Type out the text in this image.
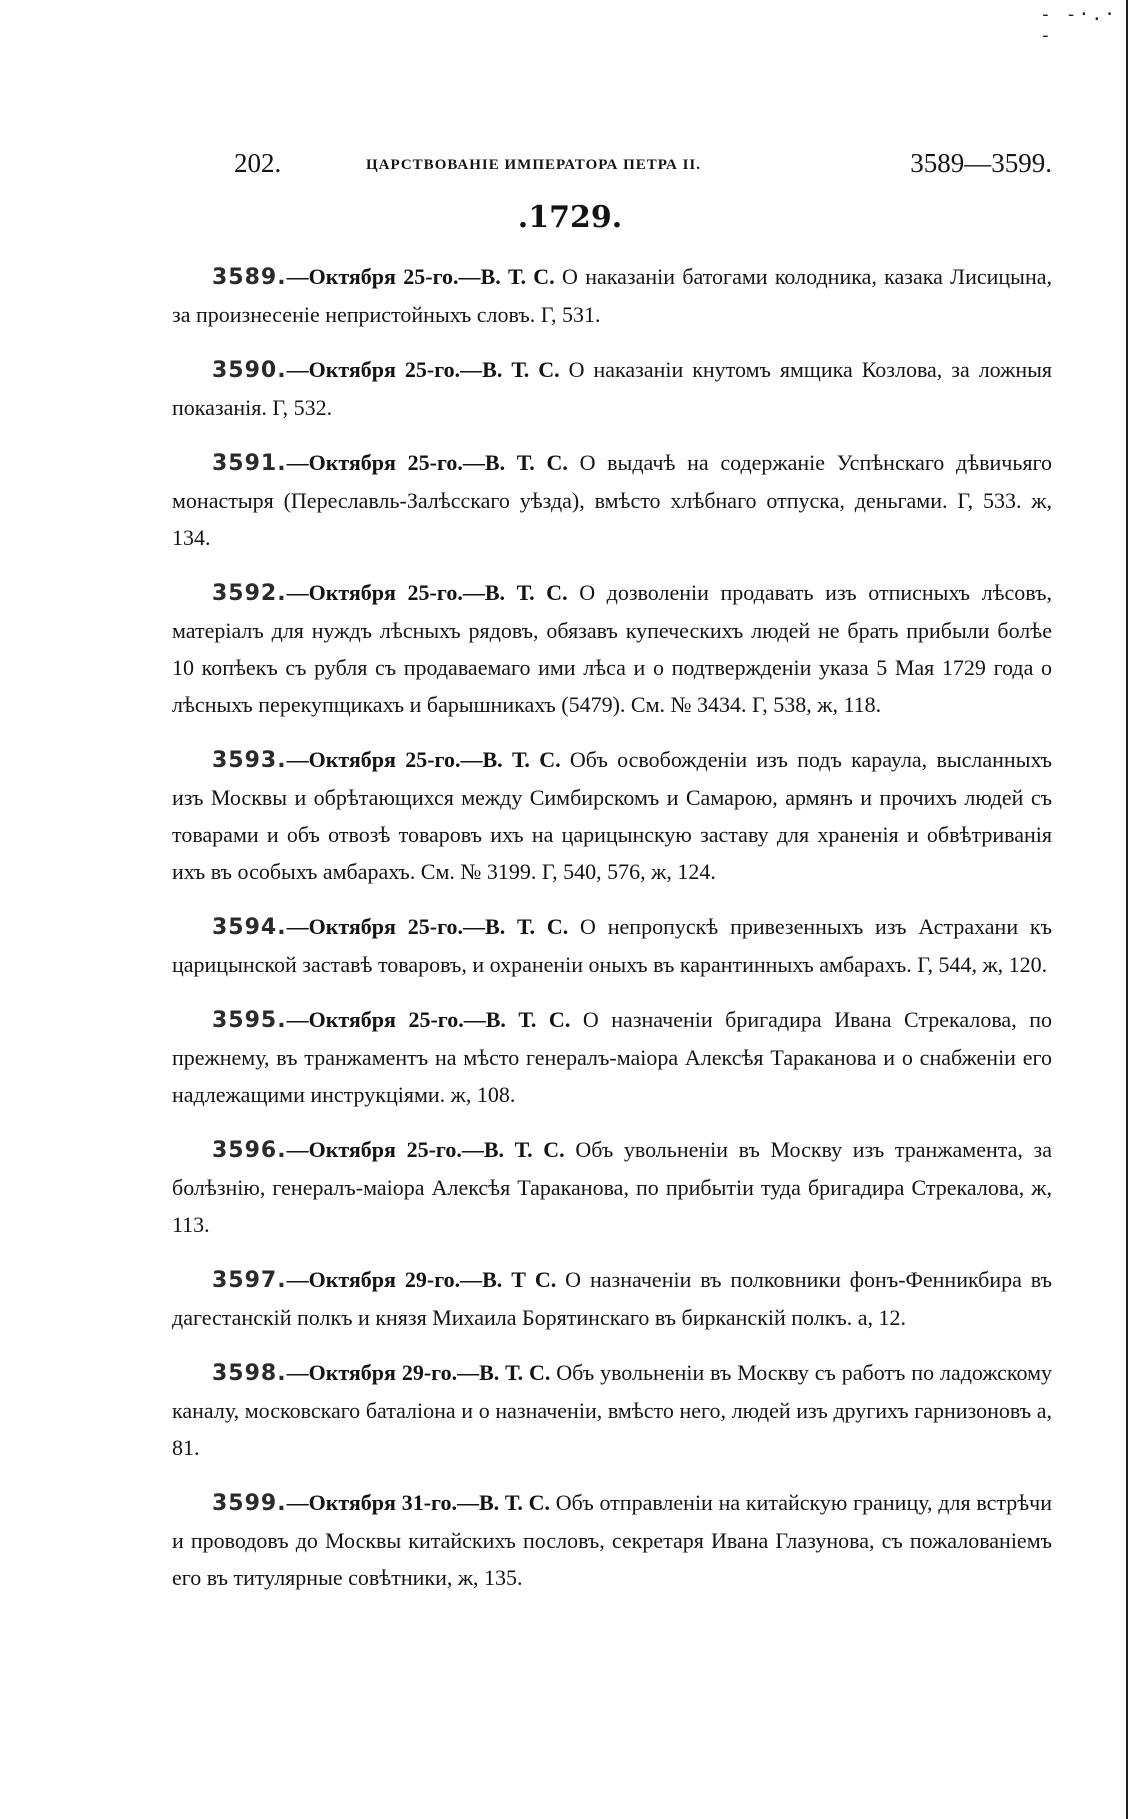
- -·.· -
202.	ЦАРСТВОВАНІЕ ИМПЕРАТОРА ПЕТРА II.	3589—3599.
.1729.

3589.—Октября 25-го.—В. Т. С. О наказаніи батогами колодника, казака Лисицына, за произнесеніе непристойныхъ словъ. Г, 531.

3590.—Октября 25-го.—В. Т. С. О наказаніи кнутомъ ямщика Козлова, за ложныя показанія. Г, 532.

3591.—Октября 25-го.—В. Т. С. О выдачѣ на содержаніе Успѣнскаго дѣвичьяго монастыря (Переславль-Залѣсскаго уѣзда), вмѣсто хлѣбнаго отпуска, деньгами. Г, 533. ж, 134.

3592.—Октября 25-го.—В. Т. С. О дозволеніи продавать изъ отписныхъ лѣсовъ, матеріалъ для нуждъ лѣсныхъ рядовъ, обязавъ купеческихъ людей не брать прибыли болѣе 10 копѣекъ съ рубля съ продаваемаго ими лѣса и о подтвержденіи указа 5 Мая 1729 года о лѣсныхъ перекупщикахъ и барышникахъ (5479). См. № 3434. Г, 538, ж, 118.

3593.—Октября 25-го.—В. Т. С. Объ освобожденіи изъ подъ караула, высланныхъ изъ Москвы и обрѣтающихся между Симбирскомъ и Самарою, армянъ и прочихъ людей съ товарами и объ отвозѣ товаровъ ихъ на царицынскую заставу для храненія и обвѣтриванія ихъ въ особыхъ амбарахъ. См. № 3199. Г, 540, 576, ж, 124.

3594.—Октября 25-го.—В. Т. С. О непропускѣ привезенныхъ изъ Астрахани къ царицынской заставѣ товаровъ, и охраненіи оныхъ въ карантинныхъ амбарахъ. Г, 544, ж, 120.

3595.—Октября 25-го.—В. Т. С. О назначеніи бригадира Ивана Стрекалова, по прежнему, въ транжаментъ на мѣсто генералъ-маіора Алексѣя Тараканова и о снабженіи его надлежащими инструкціями. ж, 108.

3596.—Октября 25-го.—В. Т. С. Объ увольненіи въ Москву изъ транжамента, за болѣзнію, генералъ-маіора Алексѣя Тараканова, по прибытіи туда бригадира Стрекалова, ж, 113.

3597.—Октября 29-го.—В. Т С. О назначеніи въ полковники фонъ-Фенникбира въ дагестанскій полкъ и князя Михаила Борятинскаго въ бирканскій полкъ. а, 12.

3598.—Октября 29-го.—В. Т. С. Объ увольненіи въ Москву съ работъ по ладожскому каналу, московскаго баталіона и о назначеніи, вмѣсто него, людей изъ другихъ гарнизоновъ а, 81.

3599.—Октября 31-го.—В. Т. С. Объ отправленіи на китайскую границу, для встрѣчи и проводовъ до Москвы китайскихъ пословъ, секретаря Ивана Глазунова, съ пожалованіемъ его въ титулярные совѣтники, ж, 135.
